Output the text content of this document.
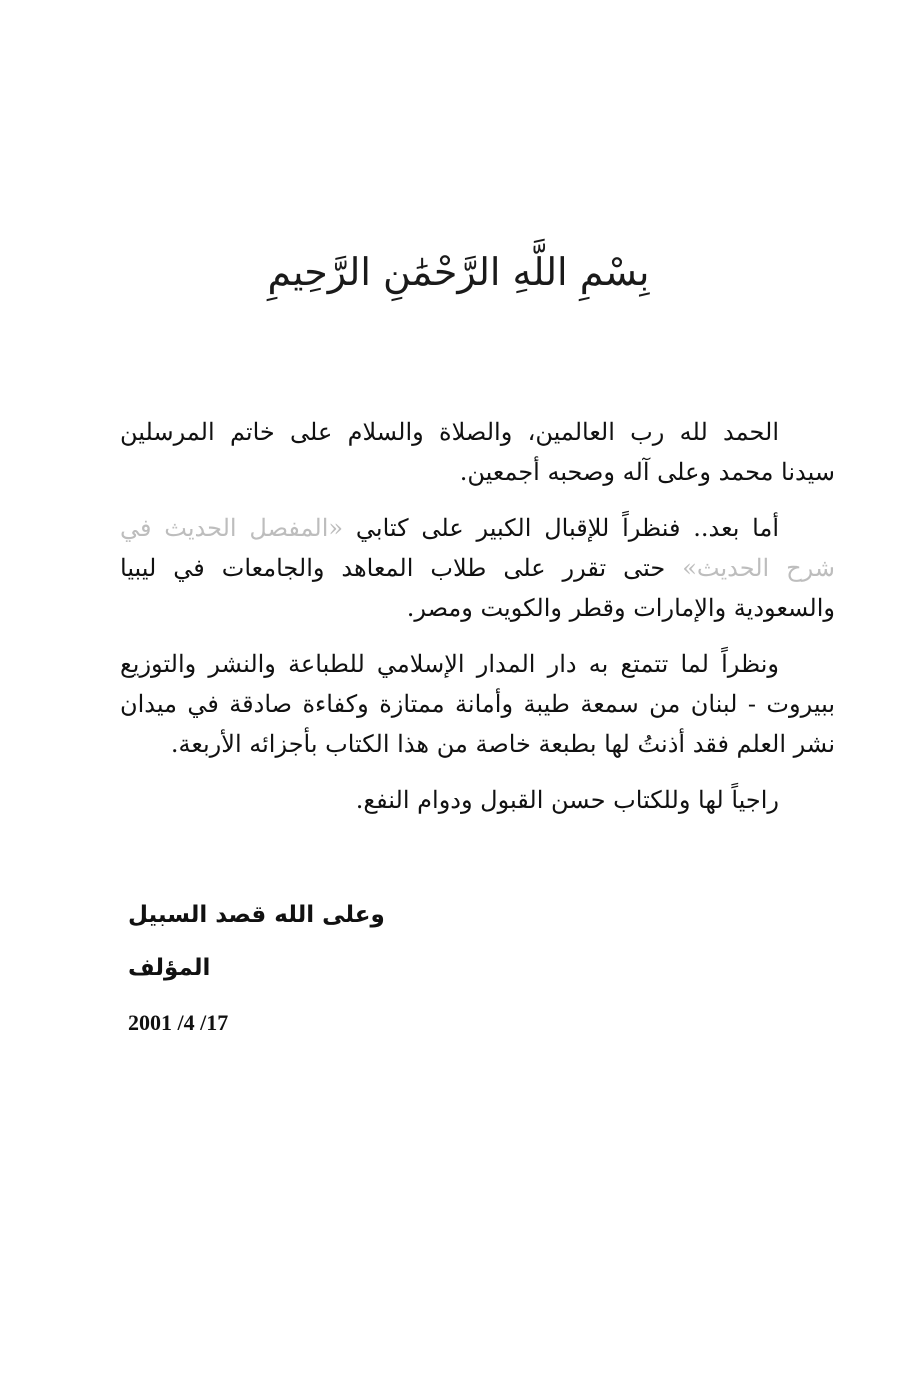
بِسْمِ اللَّهِ الرَّحْمَٰنِ الرَّحِيمِ

الحمد لله رب العالمين، والصلاة والسلام على خاتم المرسلين سيدنا محمد وعلى آله وصحبه أجمعين.

أما بعد.. فنظراً للإقبال الكبير على كتابي «المفصل الحديث في شرح الحديث» حتى تقرر على طلاب المعاهد والجامعات في ليبيا والسعودية والإمارات وقطر والكويت ومصر.

ونظراً لما تتمتع به دار المدار الإسلامي للطباعة والنشر والتوزيع ببيروت - لبنان من سمعة طيبة وأمانة ممتازة وكفاءة صادقة في ميدان نشر العلم فقد أذنتُ لها بطبعة خاصة من هذا الكتاب بأجزائه الأربعة.

راجياً لها وللكتاب حسن القبول ودوام النفع.

وعلى الله قصد السبيل
المؤلف
2001 /4 /17
